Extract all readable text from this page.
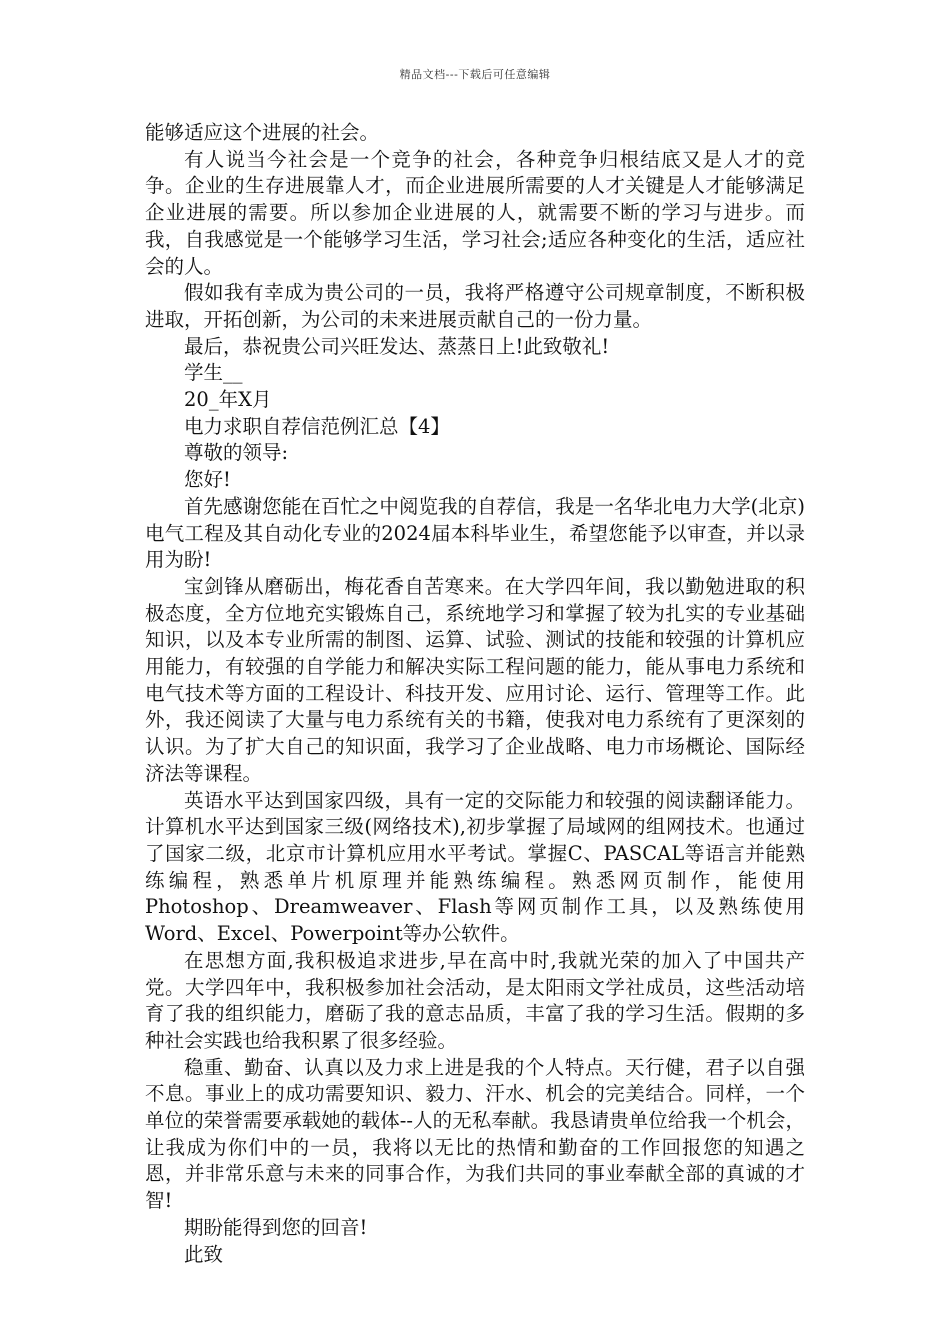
精品文档---下载后可任意编辑

能够适应这个进展的社会。

有人说当今社会是一个竞争的社会，各种竞争归根结底又是人才的竞争。企业的生存进展靠人才，而企业进展所需要的人才关键是人才能够满足企业进展的需要。所以参加企业进展的人，就需要不断的学习与进步。而我，自我感觉是一个能够学习生活，学习社会;适应各种变化的生活，适应社会的人。

假如我有幸成为贵公司的一员，我将严格遵守公司规章制度，不断积极进取，开拓创新，为公司的未来进展贡献自己的一份力量。

最后，恭祝贵公司兴旺发达、蒸蒸日上!此致敬礼!

学生__

20_年X月

电力求职自荐信范例汇总【4】

尊敬的领导:

您好!

首先感谢您能在百忙之中阅览我的自荐信，我是一名华北电力大学(北京)电气工程及其自动化专业的2024届本科毕业生，希望您能予以审查，并以录用为盼!

宝剑锋从磨砺出，梅花香自苦寒来。在大学四年间，我以勤勉进取的积极态度，全方位地充实锻炼自己，系统地学习和掌握了较为扎实的专业基础知识，以及本专业所需的制图、运算、试验、测试的技能和较强的计算机应用能力，有较强的自学能力和解决实际工程问题的能力，能从事电力系统和电气技术等方面的工程设计、科技开发、应用讨论、运行、管理等工作。此外，我还阅读了大量与电力系统有关的书籍，使我对电力系统有了更深刻的认识。为了扩大自己的知识面，我学习了企业战略、电力市场概论、国际经济法等课程。

英语水平达到国家四级，具有一定的交际能力和较强的阅读翻译能力。计算机水平达到国家三级(网络技术),初步掌握了局域网的组网技术。也通过了国家二级，北京市计算机应用水平考试。掌握C、PASCAL等语言并能熟练编程，熟悉单片机原理并能熟练编程。熟悉网页制作，能使用Photoshop、Dreamweaver、Flash等网页制作工具，以及熟练使用Word、Excel、Powerpoint等办公软件。

在思想方面,我积极追求进步,早在高中时,我就光荣的加入了中国共产党。大学四年中，我积极参加社会活动，是太阳雨文学社成员，这些活动培育了我的组织能力，磨砺了我的意志品质，丰富了我的学习生活。假期的多种社会实践也给我积累了很多经验。

稳重、勤奋、认真以及力求上进是我的个人特点。天行健，君子以自强不息。事业上的成功需要知识、毅力、汗水、机会的完美结合。同样，一个单位的荣誉需要承载她的载体--人的无私奉献。我恳请贵单位给我一个机会，让我成为你们中的一员，我将以无比的热情和勤奋的工作回报您的知遇之恩，并非常乐意与未来的同事合作，为我们共同的事业奉献全部的真诚的才智!

期盼能得到您的回音!

此致
